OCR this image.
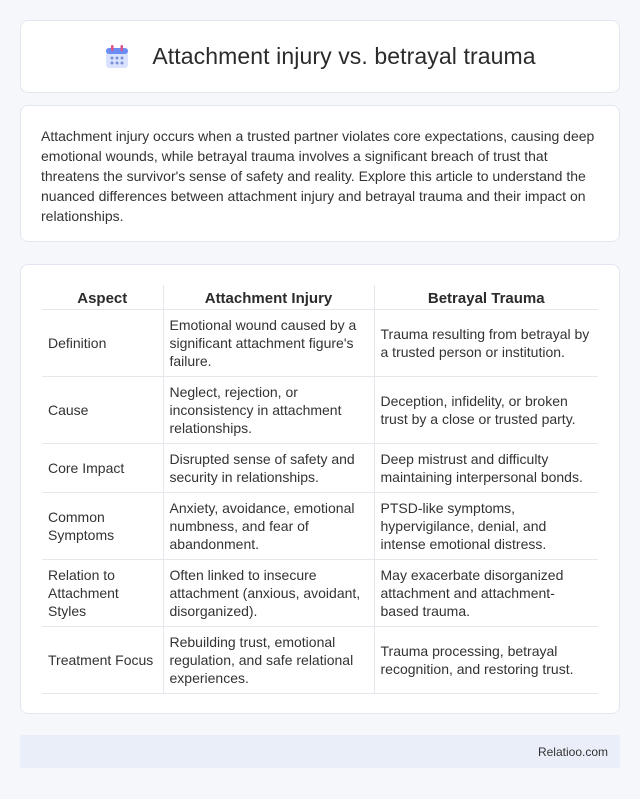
Attachment injury vs. betrayal trauma

Attachment injury occurs when a trusted partner violates core expectations, causing deep emotional wounds, while betrayal trauma involves a significant breach of trust that threatens the survivor's sense of safety and reality. Explore this article to understand the nuanced differences between attachment injury and betrayal trauma and their impact on relationships.

Aspect	Attachment Injury	Betrayal Trauma
Definition	Emotional wound caused by a significant attachment figure's failure.	Trauma resulting from betrayal by a trusted person or institution.
Cause	Neglect, rejection, or inconsistency in attachment relationships.	Deception, infidelity, or broken trust by a close or trusted party.
Core Impact	Disrupted sense of safety and security in relationships.	Deep mistrust and difficulty maintaining interpersonal bonds.
Common Symptoms	Anxiety, avoidance, emotional numbness, and fear of abandonment.	PTSD-like symptoms, hypervigilance, denial, and intense emotional distress.
Relation to Attachment Styles	Often linked to insecure attachment (anxious, avoidant, disorganized).	May exacerbate disorganized attachment and attachment-based trauma.
Treatment Focus	Rebuilding trust, emotional regulation, and safe relational experiences.	Trauma processing, betrayal recognition, and restoring trust.
Relatioo.com
